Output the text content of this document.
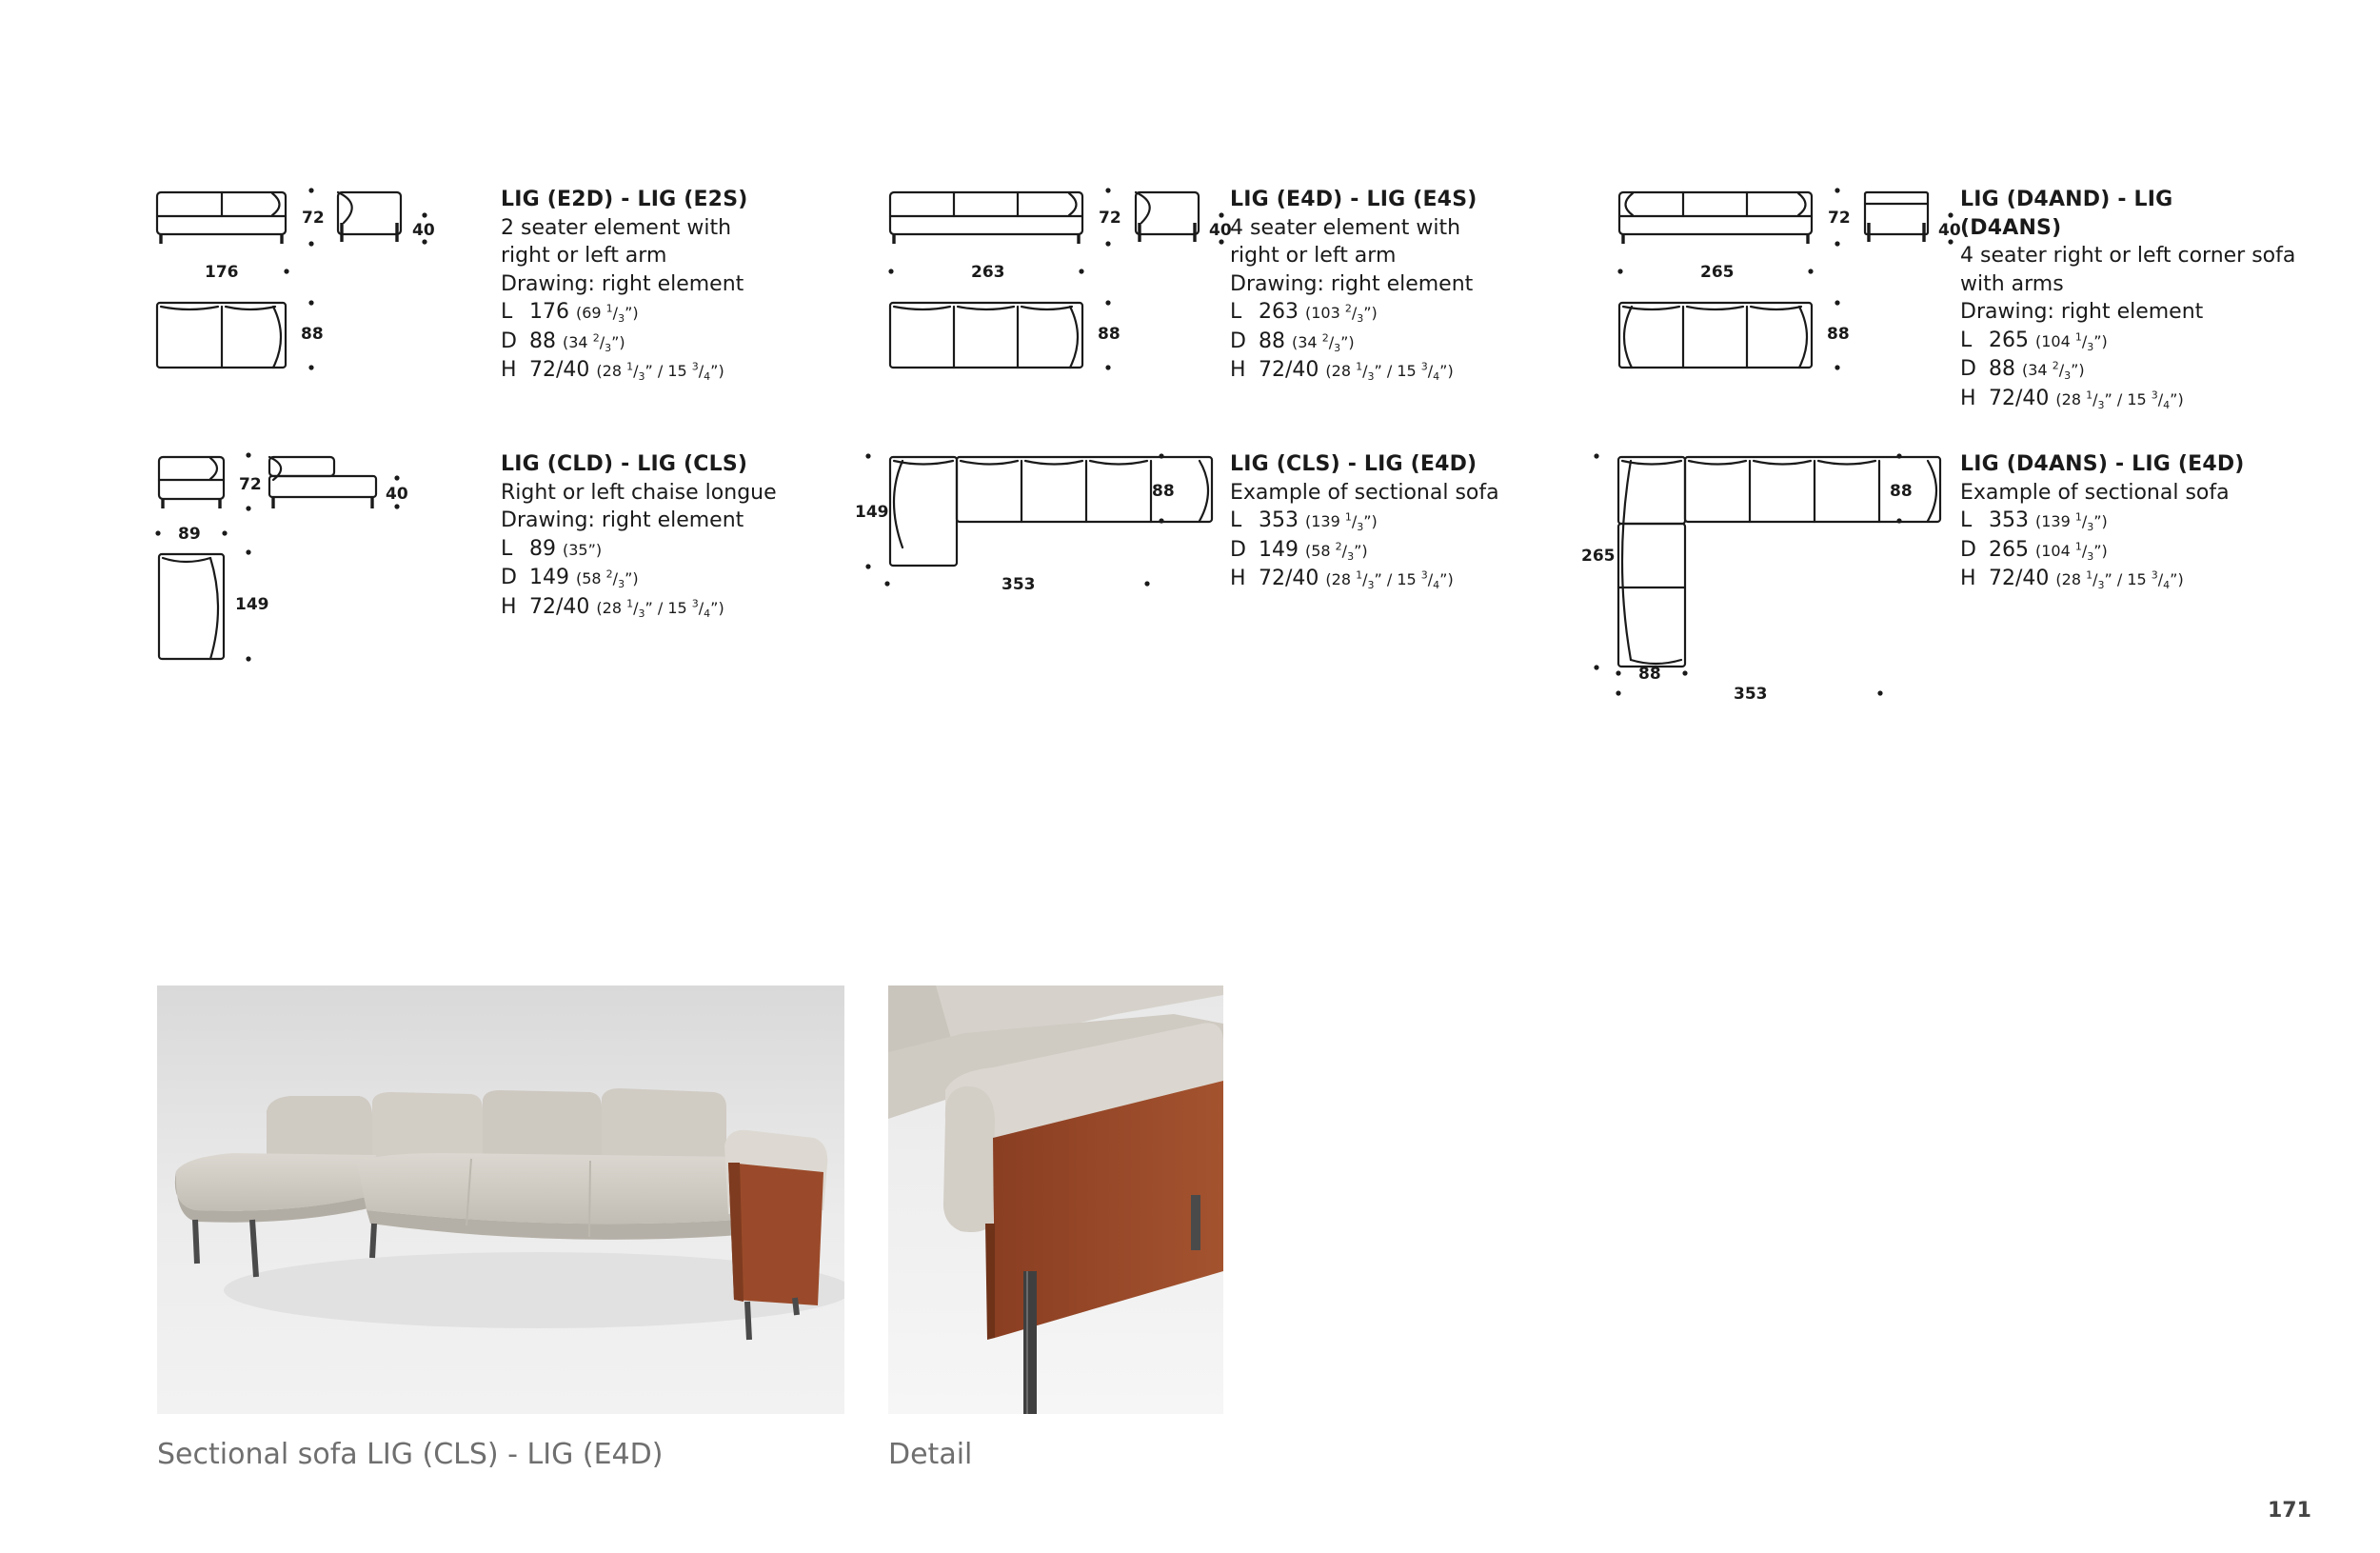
LIG (E2D) - LIG (E2S)
2 seater element with
right or left arm
Drawing: right element
L 176 (69 $^1/_3$”)
D 88 (34 $^2/_3$”)
H 72/40 (28 $^1/_3$” / 15 $^3/_4$”)
LIG (E4D) - LIG (E4S)
4 seater element with
right or left arm
Drawing: right element
L 263 (103 $^2/_3$”)
D 88 (34 $^2/_3$”)
H 72/40 (28 $^1/_3$” / 15 $^3/_4$”)
LIG (D4AND) - LIG (D4ANS)
4 seater right or left corner sofa
with arms
Drawing: right element
L 265 (104 $^1/_3$”)
D 88 (34 $^2/_3$”)
H 72/40 (28 $^1/_3$” / 15 $^3/_4$”)
LIG (CLD) - LIG (CLS)
Right or left chaise longue
Drawing: right element
L 89 (35”)
D 149 (58 $^2/_3$”)
H 72/40 (28 $^1/_3$” / 15 $^3/_4$”)
LIG (CLS) - LIG (E4D)
Example of sectional sofa
L 353 (139 $^1/_3$”)
D 149 (58 $^2/_3$”)
H 72/40 (28 $^1/_3$” / 15 $^3/_4$”)
LIG (D4ANS) - LIG (E4D)
Example of sectional sofa
L 353 (139 $^1/_3$”)
D 265 (104 $^1/_3$”)
H 72/40 (28 $^1/_3$” / 15 $^3/_4$”)
72
40
176
88
72
40
263
88
72
40
265
88
72	40
89
149
149
88
353
265
88
88
353
Sectional sofa LIG (CLS) - LIG (E4D)	Detail
171
